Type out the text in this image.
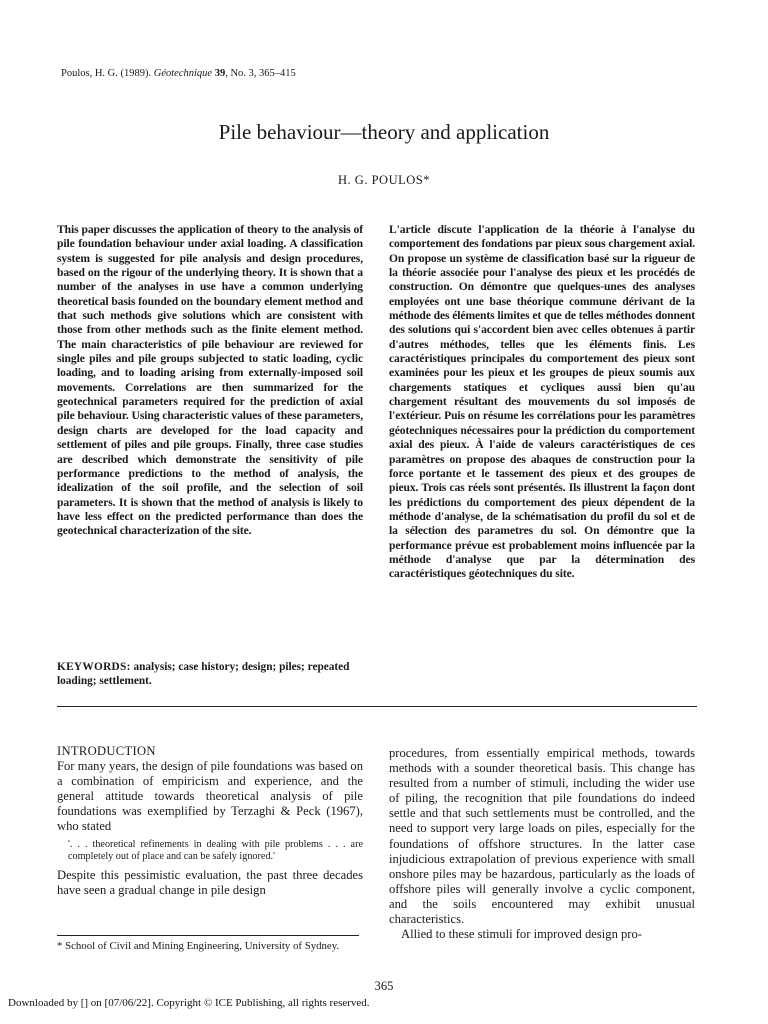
Poulos, H. G. (1989). Géotechnique 39, No. 3, 365–415
Pile behaviour—theory and application
H. G. POULOS*
This paper discusses the application of theory to the analysis of pile foundation behaviour under axial loading. A classification system is suggested for pile analysis and design procedures, based on the rigour of the underlying theory. It is shown that a number of the analyses in use have a common underlying theoretical basis founded on the boundary element method and that such methods give solutions which are consistent with those from other methods such as the finite element method. The main characteristics of pile behaviour are reviewed for single piles and pile groups subjected to static loading, cyclic loading, and to loading arising from externally-imposed soil movements. Correlations are then summarized for the geotechnical parameters required for the prediction of axial pile behaviour. Using characteristic values of these parameters, design charts are developed for the load capacity and settlement of piles and pile groups. Finally, three case studies are described which demonstrate the sensitivity of pile performance predictions to the method of analysis, the idealization of the soil profile, and the selection of soil parameters. It is shown that the method of analysis is likely to have less effect on the predicted performance than does the geotechnical characterization of the site.
L'article discute l'application de la théorie à l'analyse du comportement des fondations par pieux sous chargement axial. On propose un système de classification basé sur la rigueur de la théorie associée pour l'analyse des pieux et les procédés de construction. On démontre que quelques-unes des analyses employées ont une base théorique commune dérivant de la méthode des éléments limites et que de telles méthodes donnent des solutions qui s'accordent bien avec celles obtenues à partir d'autres méthodes, telles que les éléments finis. Les caractéristiques principales du comportement des pieux sont examinées pour les pieux et les groupes de pieux soumis aux chargements statiques et cycliques aussi bien qu'au chargement résultant des mouvements du sol imposés de l'extérieur. Puis on résume les corrélations pour les paramètres géotechniques nécessaires pour la prédiction du comportement axial des pieux. À l'aide de valeurs caractéristiques de ces paramètres on propose des abaques de construction pour la force portante et le tassement des pieux et des groupes de pieux. Trois cas réels sont présentés. Ils illustrent la façon dont les prédictions du comportement des pieux dépendent de la méthode d'analyse, de la schématisation du profil du sol et de la sélection des parametres du sol. On démontre que la performance prévue est probablement moins influencée par la méthode d'analyse que par la détermination des caractéristiques géotechniques du site.
KEYWORDS: analysis; case history; design; piles; repeated loading; settlement.

INTRODUCTION

For many years, the design of pile foundations was based on a combination of empiricism and experience, and the general attitude towards theoretical analysis of pile foundations was exemplified by Terzaghi & Peck (1967), who stated

'. . . theoretical refinements in dealing with pile problems . . . are completely out of place and can be safely ignored.'

Despite this pessimistic evaluation, the past three decades have seen a gradual change in pile design

procedures, from essentially empirical methods, towards methods with a sounder theoretical basis. This change has resulted from a number of stimuli, including the wider use of piling, the recognition that pile foundations do indeed settle and that such settlements must be controlled, and the need to support very large loads on piles, especially for the foundations of offshore structures. In the latter case injudicious extrapolation of previous experience with small onshore piles may be hazardous, particularly as the loads of offshore piles will generally involve a cyclic component, and the soils encountered may exhibit unusual characteristics.

Allied to these stimuli for improved design pro-

* School of Civil and Mining Engineering, University of Sydney.
365
Downloaded by [] on [07/06/22]. Copyright © ICE Publishing, all rights reserved.
